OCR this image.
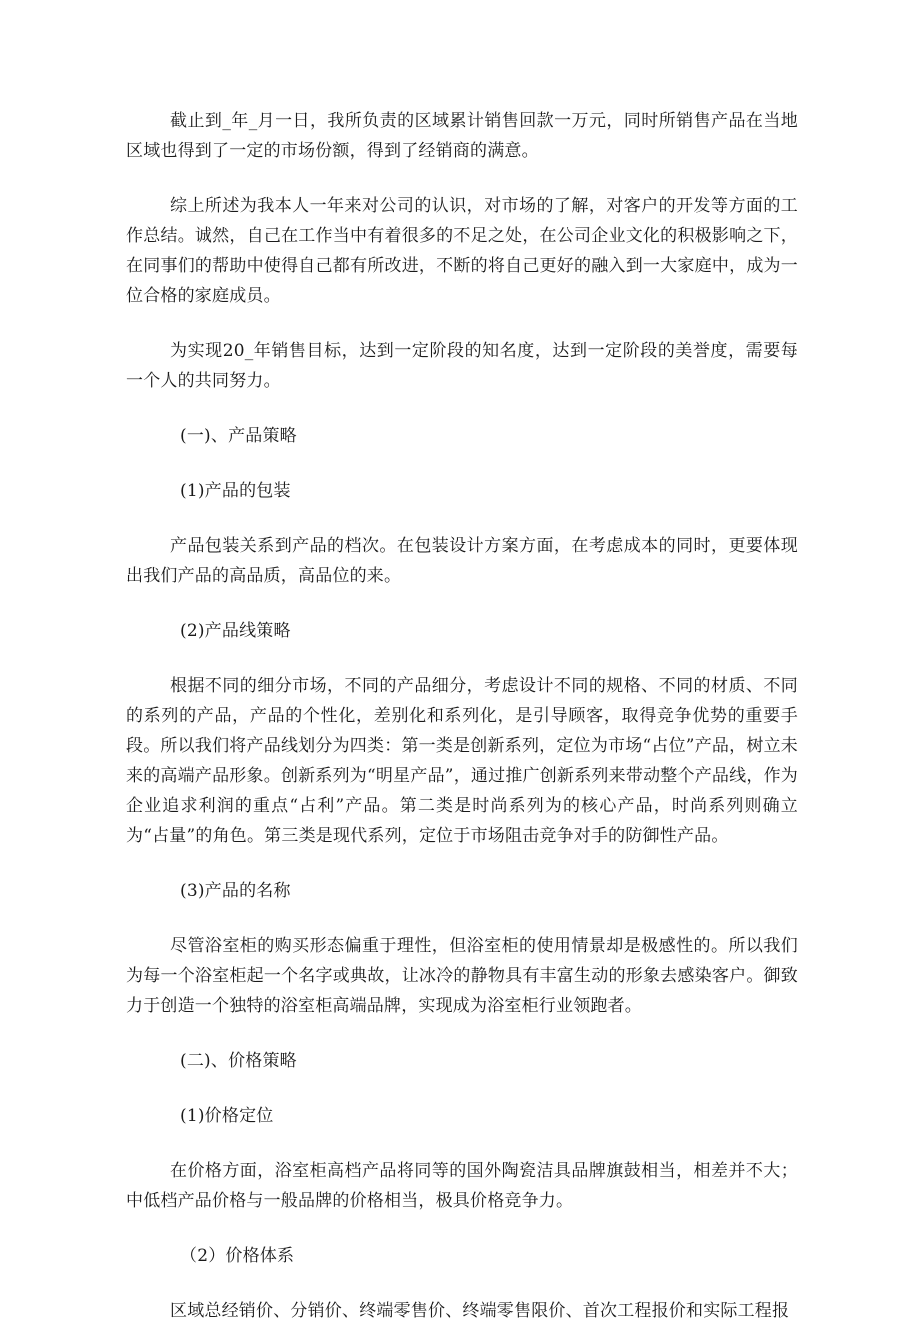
截止到_年_月一日，我所负责的区域累计销售回款一万元，同时所销售产品在当地区域也得到了一定的市场份额，得到了经销商的满意。

综上所述为我本人一年来对公司的认识，对市场的了解，对客户的开发等方面的工作总结。诚然，自己在工作当中有着很多的不足之处，在公司企业文化的积极影响之下，在同事们的帮助中使得自己都有所改进，不断的将自己更好的融入到一大家庭中，成为一位合格的家庭成员。

为实现20_年销售目标，达到一定阶段的知名度，达到一定阶段的美誉度，需要每一个人的共同努力。

(一)、产品策略

(1)产品的包装

产品包装关系到产品的档次。在包装设计方案方面，在考虑成本的同时，更要体现出我们产品的高品质，高品位的来。

(2)产品线策略

根据不同的细分市场，不同的产品细分，考虑设计不同的规格、不同的材质、不同的系列的产品，产品的个性化，差别化和系列化，是引导顾客，取得竞争优势的重要手段。所以我们将产品线划分为四类：第一类是创新系列，定位为市场“占位”产品，树立未来的高端产品形象。创新系列为“明星产品”，通过推广创新系列来带动整个产品线，作为企业追求利润的重点“占利”产品。第二类是时尚系列为的核心产品，时尚系列则确立为“占量”的角色。第三类是现代系列，定位于市场阻击竞争对手的防御性产品。

(3)产品的名称

尽管浴室柜的购买形态偏重于理性，但浴室柜的使用情景却是极感性的。所以我们为每一个浴室柜起一个名字或典故，让冰冷的静物具有丰富生动的形象去感染客户。御致力于创造一个独特的浴室柜高端品牌，实现成为浴室柜行业领跑者。

(二)、价格策略

(1)价格定位

在价格方面，浴室柜高档产品将同等的国外陶瓷洁具品牌旗鼓相当，相差并不大；中低档产品价格与一般品牌的价格相当，极具价格竞争力。

（2）价格体系

区域总经销价、分销价、终端零售价、终端零售限价、首次工程报价和实际工程报
